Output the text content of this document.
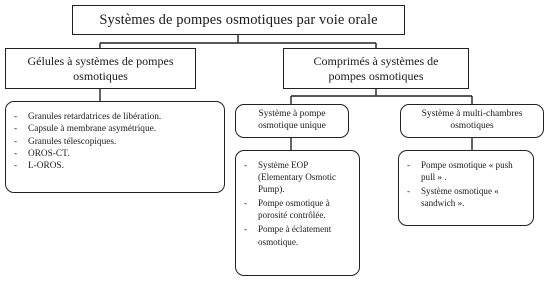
Systèmes de pompes osmotiques par voie orale
Gélules à systèmes de pompes osmotiques
Comprimés à systèmes de pompes osmotiques
- Granules retardatrices de libération.
- Capsule à membrane asymétrique.
- Granules télescopiques.
- OROS-CT.
- L-OROS.
Système à pompe osmotique unique
Système à multi-chambres osmotiques
- Système EOP (Elementary Osmotic Pump).
- Pompe osmotique à porosité contrôlée.
- Pompe à éclatement osmotique.
- Pompe osmotique « push pull » .
- Système osmotique « sandwich ».
